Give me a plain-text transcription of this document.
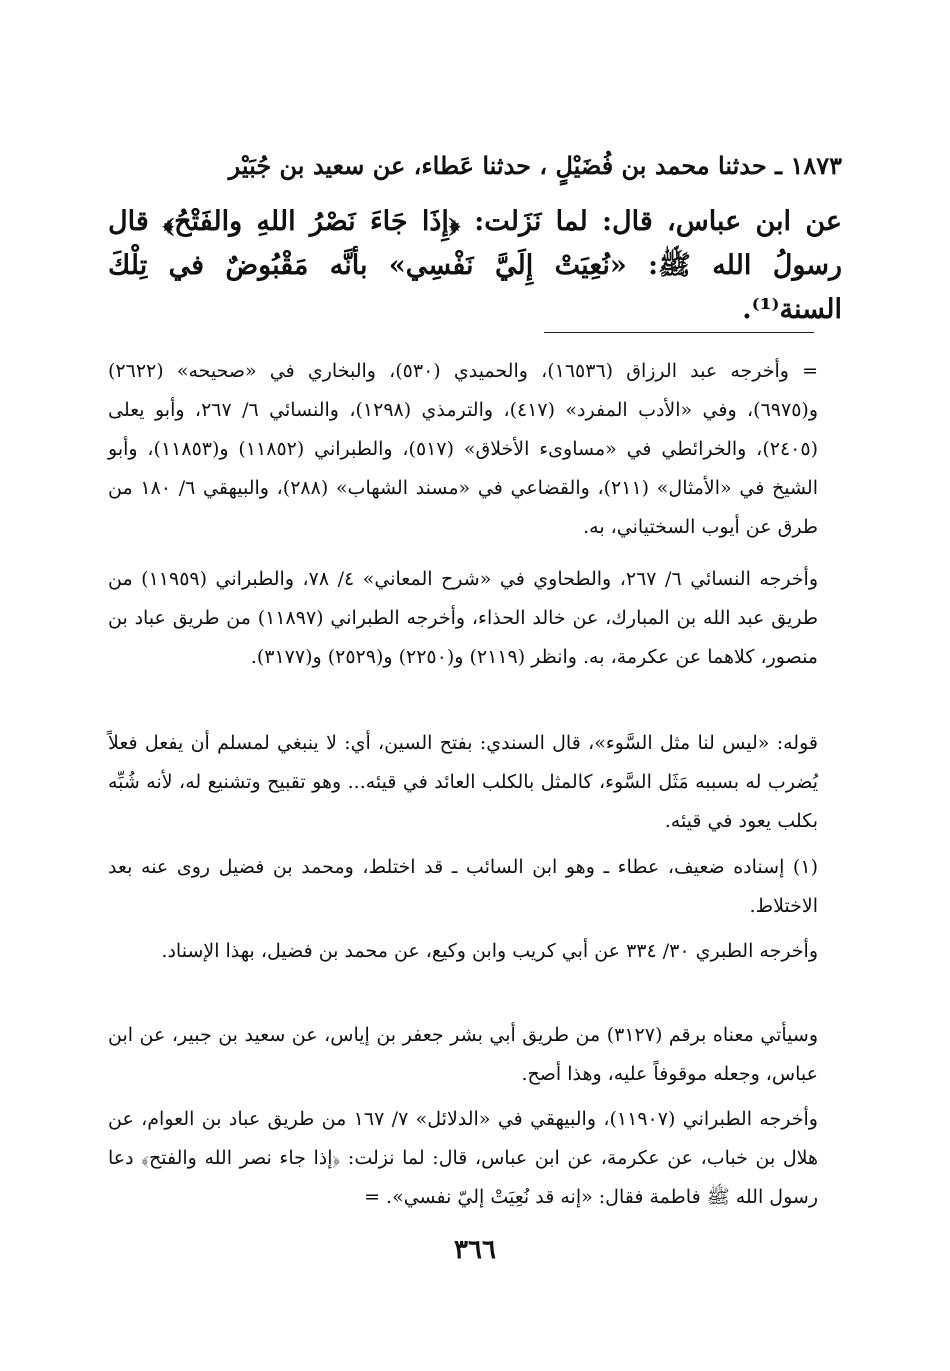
١٨٧٣ ـ حدثنا محمد بن فُضَيْلٍ ، حدثنا عَطاء، عن سعيد بن جُبَيْر

عن ابن عباس، قال: لما نَزَلت: ﴿إِذَا جَاءَ نَصْرُ اللهِ والفَتْحُ﴾ قال رسولُ الله ﷺ: «نُعِيَتْ إِلَيَّ نَفْسِي» بأنَّه مَقْبُوضٌ في تِلْكَ السنة⁽¹⁾.

= وأخرجه عبد الرزاق (١٦٥٣٦)، والحميدي (٥٣٠)، والبخاري في «صحيحه» (٢٦٢٢) و(٦٩٧٥)، وفي «الأدب المفرد» (٤١٧)، والترمذي (١٢٩٨)، والنسائي ٦/ ٢٦٧، وأبو يعلى (٢٤٠٥)، والخرائطي في «مساوىء الأخلاق» (٥١٧)، والطبراني (١١٨٥٢) و(١١٨٥٣)، وأبو الشيخ في «الأمثال» (٢١١)، والقضاعي في «مسند الشهاب» (٢٨٨)، والبيهقي ٦/ ١٨٠ من طرق عن أيوب السختياني، به.

وأخرجه النسائي ٦/ ٢٦٧، والطحاوي في «شرح المعاني» ٤/ ٧٨، والطبراني (١١٩٥٩) من طريق عبد الله بن المبارك، عن خالد الحذاء، وأخرجه الطبراني (١١٨٩٧) من طريق عباد بن منصور، كلاهما عن عكرمة، به. وانظر (٢١١٩) و(٢٢٥٠) و(٢٥٢٩) و(٣١٧٧).

قوله: «ليس لنا مثل السَّوء»، قال السندي: بفتح السين، أي: لا ينبغي لمسلم أن يفعل فعلاً يُضرب له بسببه مَثَل السَّوء، كالمثل بالكلب العائد في قيئه... وهو تقبيح وتشنيع له، لأنه شُبِّه بكلب يعود في قيئه.

(١) إسناده ضعيف، عطاء ـ وهو ابن السائب ـ قد اختلط، ومحمد بن فضيل روى عنه بعد الاختلاط.

وأخرجه الطبري ٣٠/ ٣٣٤ عن أبي كريب وابن وكيع، عن محمد بن فضيل، بهذا الإسناد.

وسيأتي معناه برقم (٣١٢٧) من طريق أبي بشر جعفر بن إياس، عن سعيد بن جبير، عن ابن عباس، وجعله موقوفاً عليه، وهذا أصح.

وأخرجه الطبراني (١١٩٠٧)، والبيهقي في «الدلائل» ٧/ ١٦٧ من طريق عباد بن العوام، عن هلال بن خباب، عن عكرمة، عن ابن عباس، قال: لما نزلت: ﴿إذا جاء نصر الله والفتح﴾ دعا رسول الله ﷺ فاطمة فقال: «إنه قد نُعِيَتْ إليّ نفسي». =

٣٦٦
